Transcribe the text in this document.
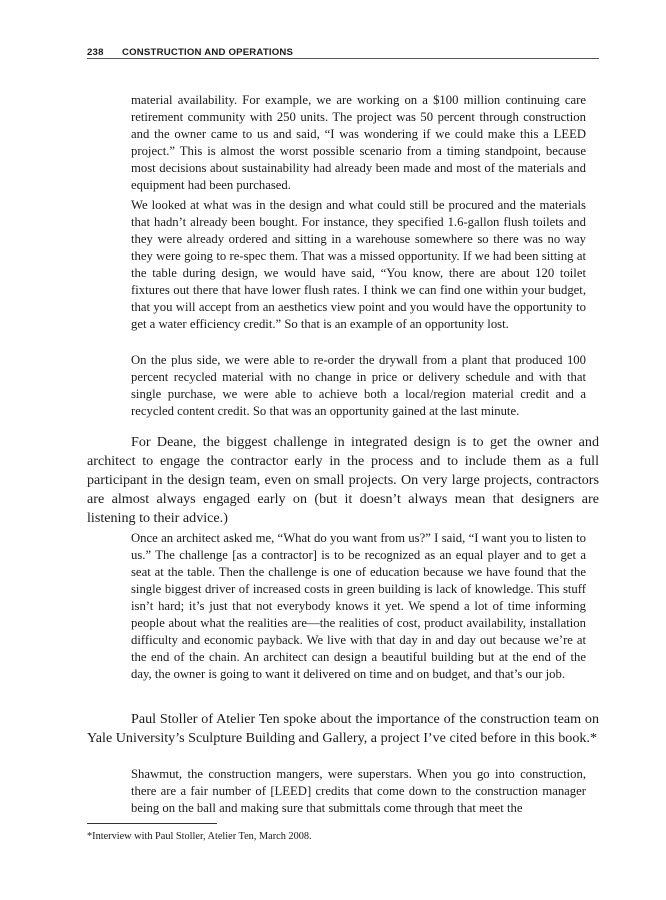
238 CONSTRUCTION AND OPERATIONS

material availability. For example, we are working on a $100 million continuing care retirement community with 250 units. The project was 50 percent through construction and the owner came to us and said, “I was wondering if we could make this a LEED project.” This is almost the worst possible scenario from a timing standpoint, because most decisions about sustainability had already been made and most of the materials and equipment had been purchased.

We looked at what was in the design and what could still be procured and the materials that hadn’t already been bought. For instance, they specified 1.6-gallon flush toilets and they were already ordered and sitting in a warehouse somewhere so there was no way they were going to re-spec them. That was a missed opportunity. If we had been sitting at the table during design, we would have said, “You know, there are about 120 toilet fixtures out there that have lower flush rates. I think we can find one within your budget, that you will accept from an aesthetics view point and you would have the opportunity to get a water efficiency credit.” So that is an example of an opportunity lost.

On the plus side, we were able to re-order the drywall from a plant that produced 100 percent recycled material with no change in price or delivery schedule and with that single purchase, we were able to achieve both a local/region material credit and a recycled content credit. So that was an opportunity gained at the last minute.

For Deane, the biggest challenge in integrated design is to get the owner and architect to engage the contractor early in the process and to include them as a full participant in the design team, even on small projects. On very large projects, contractors are almost always engaged early on (but it doesn’t always mean that designers are listening to their advice.)

Once an architect asked me, “What do you want from us?” I said, “I want you to listen to us.” The challenge [as a contractor] is to be recognized as an equal player and to get a seat at the table. Then the challenge is one of education because we have found that the single biggest driver of increased costs in green building is lack of knowledge. This stuff isn’t hard; it’s just that not everybody knows it yet. We spend a lot of time informing people about what the realities are—the realities of cost, product availability, installation difficulty and economic payback. We live with that day in and day out because we’re at the end of the chain. An architect can design a beautiful building but at the end of the day, the owner is going to want it delivered on time and on budget, and that’s our job.

Paul Stoller of Atelier Ten spoke about the importance of the construction team on Yale University’s Sculpture Building and Gallery, a project I’ve cited before in this book.*

Shawmut, the construction mangers, were superstars. When you go into construction, there are a fair number of [LEED] credits that come down to the construction manager being on the ball and making sure that submittals come through that meet the

*Interview with Paul Stoller, Atelier Ten, March 2008.
